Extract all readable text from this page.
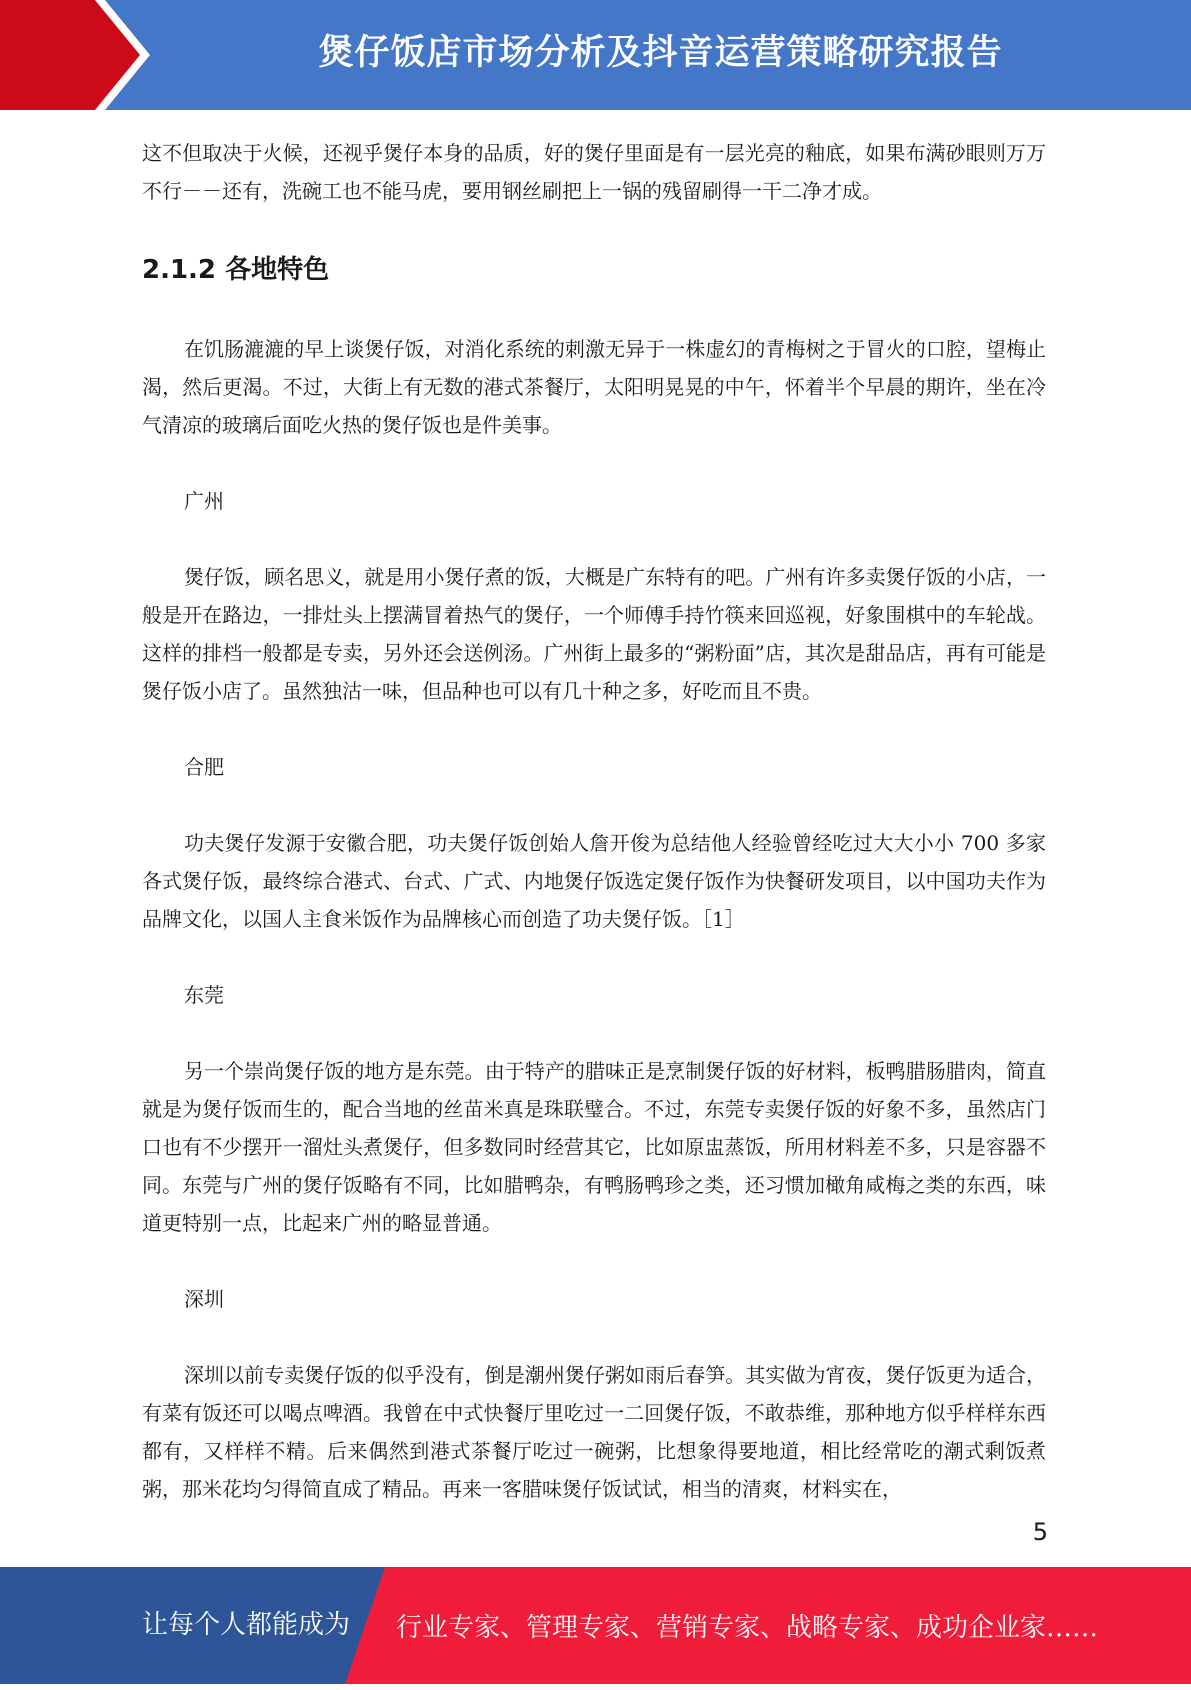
煲仔饭店市场分析及抖音运营策略研究报告

这不但取决于火候，还视乎煲仔本身的品质，好的煲仔里面是有一层光亮的釉底，如果布满砂眼则万万不行－－还有，洗碗工也不能马虎，要用钢丝刷把上一锅的残留刷得一干二净才成。

2.1.2 各地特色

在饥肠漉漉的早上谈煲仔饭，对消化系统的刺激无异于一株虚幻的青梅树之于冒火的口腔，望梅止渴，然后更渴。不过，大街上有无数的港式茶餐厅，太阳明晃晃的中午，怀着半个早晨的期许，坐在冷气清凉的玻璃后面吃火热的煲仔饭也是件美事。

广州

煲仔饭，顾名思义，就是用小煲仔煮的饭，大概是广东特有的吧。广州有许多卖煲仔饭的小店，一般是开在路边，一排灶头上摆满冒着热气的煲仔，一个师傅手持竹筷来回巡视，好象围棋中的车轮战。这样的排档一般都是专卖，另外还会送例汤。广州街上最多的“粥粉面”店，其次是甜品店，再有可能是煲仔饭小店了。虽然独沽一味，但品种也可以有几十种之多，好吃而且不贵。

合肥

功夫煲仔发源于安徽合肥，功夫煲仔饭创始人詹开俊为总结他人经验曾经吃过大大小小 700 多家各式煲仔饭，最终综合港式、台式、广式、内地煲仔饭选定煲仔饭作为快餐研发项目，以中国功夫作为品牌文化，以国人主食米饭作为品牌核心而创造了功夫煲仔饭。［1］

东莞

另一个崇尚煲仔饭的地方是东莞。由于特产的腊味正是烹制煲仔饭的好材料，板鸭腊肠腊肉，简直就是为煲仔饭而生的，配合当地的丝苗米真是珠联璧合。不过，东莞专卖煲仔饭的好象不多，虽然店门口也有不少摆开一溜灶头煮煲仔，但多数同时经营其它，比如原盅蒸饭，所用材料差不多，只是容器不同。东莞与广州的煲仔饭略有不同，比如腊鸭杂，有鸭肠鸭珍之类，还习惯加橄角咸梅之类的东西，味道更特别一点，比起来广州的略显普通。

深圳

深圳以前专卖煲仔饭的似乎没有，倒是潮州煲仔粥如雨后春笋。其实做为宵夜，煲仔饭更为适合，有菜有饭还可以喝点啤酒。我曾在中式快餐厅里吃过一二回煲仔饭，不敢恭维，那种地方似乎样样东西都有，又样样不精。后来偶然到港式茶餐厅吃过一碗粥，比想象得要地道，相比经常吃的潮式剩饭煮粥，那米花均匀得简直成了精品。再来一客腊味煲仔饭试试，相当的清爽，材料实在，

5
让每个人都能成为 行业专家、管理专家、营销专家、战略专家、成功企业家……
